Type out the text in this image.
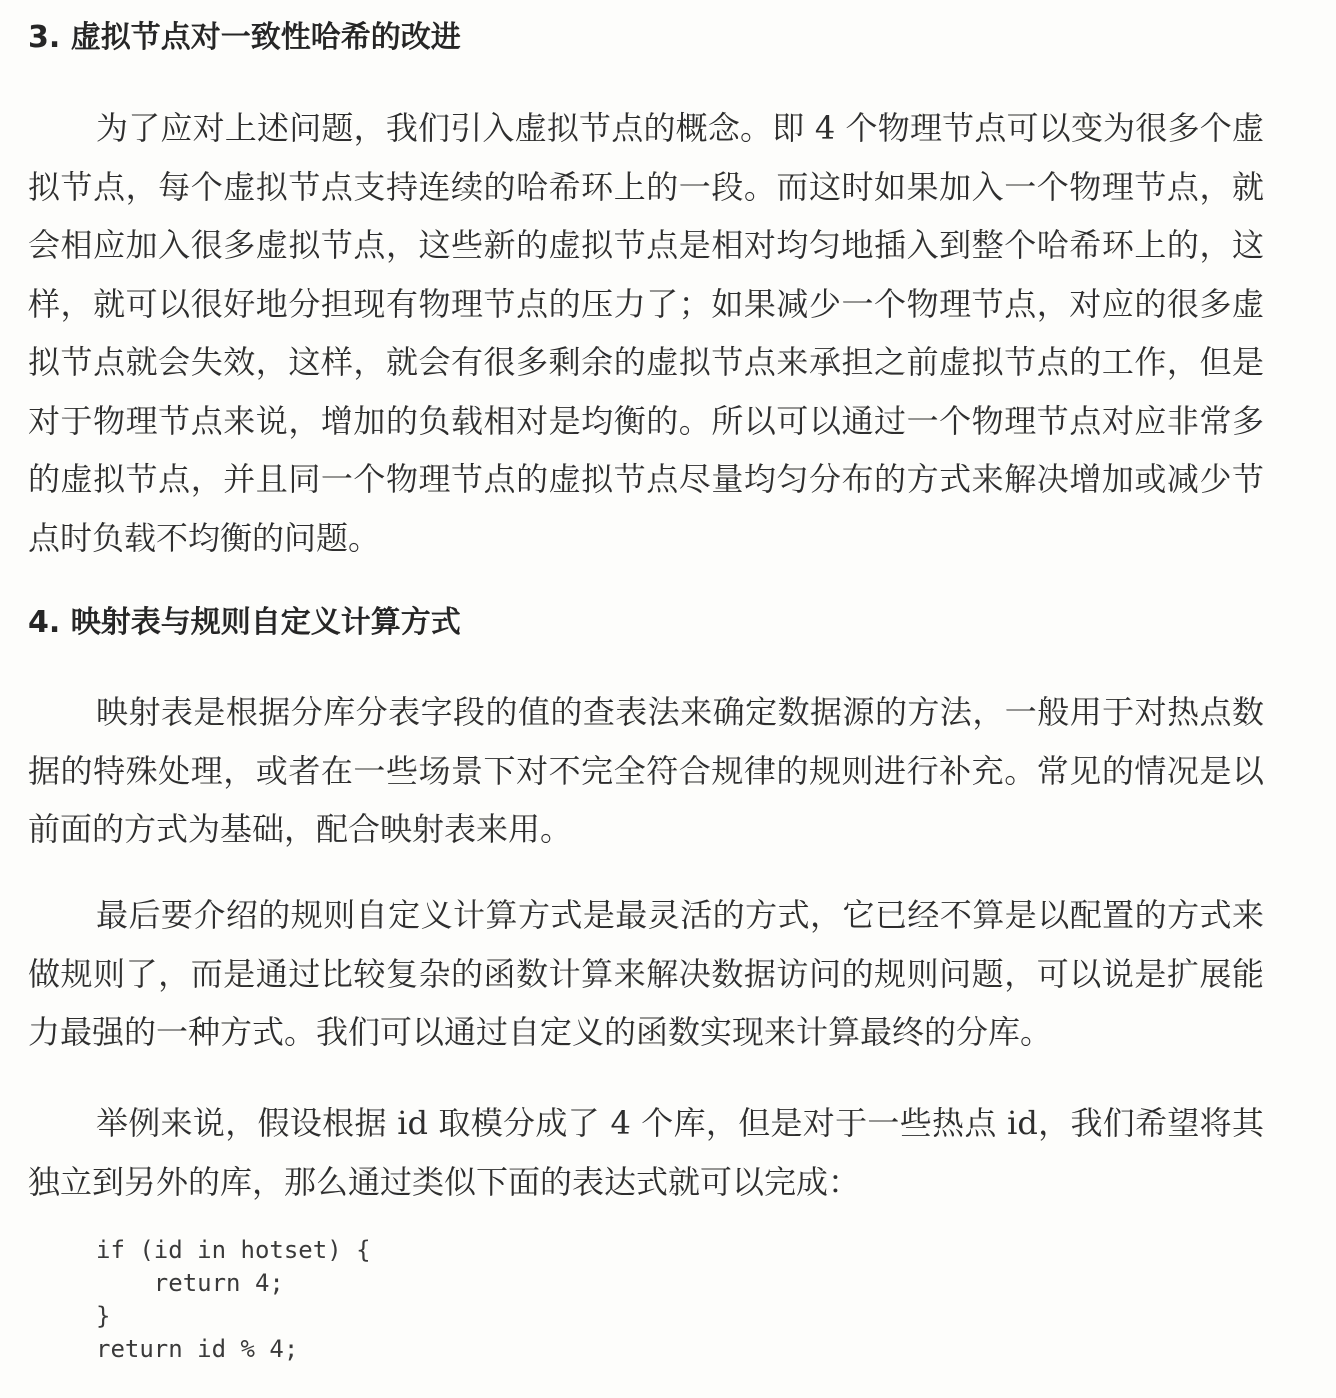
3. 虚拟节点对一致性哈希的改进

为了应对上述问题，我们引入虚拟节点的概念。即 4 个物理节点可以变为很多个虚拟节点，每个虚拟节点支持连续的哈希环上的一段。而这时如果加入一个物理节点，就会相应加入很多虚拟节点，这些新的虚拟节点是相对均匀地插入到整个哈希环上的，这样，就可以很好地分担现有物理节点的压力了；如果减少一个物理节点，对应的很多虚拟节点就会失效，这样，就会有很多剩余的虚拟节点来承担之前虚拟节点的工作，但是对于物理节点来说，增加的负载相对是均衡的。所以可以通过一个物理节点对应非常多的虚拟节点，并且同一个物理节点的虚拟节点尽量均匀分布的方式来解决增加或减少节点时负载不均衡的问题。

4. 映射表与规则自定义计算方式

映射表是根据分库分表字段的值的查表法来确定数据源的方法，一般用于对热点数据的特殊处理，或者在一些场景下对不完全符合规律的规则进行补充。常见的情况是以前面的方式为基础，配合映射表来用。

最后要介绍的规则自定义计算方式是最灵活的方式，它已经不算是以配置的方式来做规则了，而是通过比较复杂的函数计算来解决数据访问的规则问题，可以说是扩展能力最强的一种方式。我们可以通过自定义的函数实现来计算最终的分库。

举例来说，假设根据 id 取模分成了 4 个库，但是对于一些热点 id，我们希望将其独立到另外的库，那么通过类似下面的表达式就可以完成：

if (id in hotset) {
return 4;
}
return id % 4;
